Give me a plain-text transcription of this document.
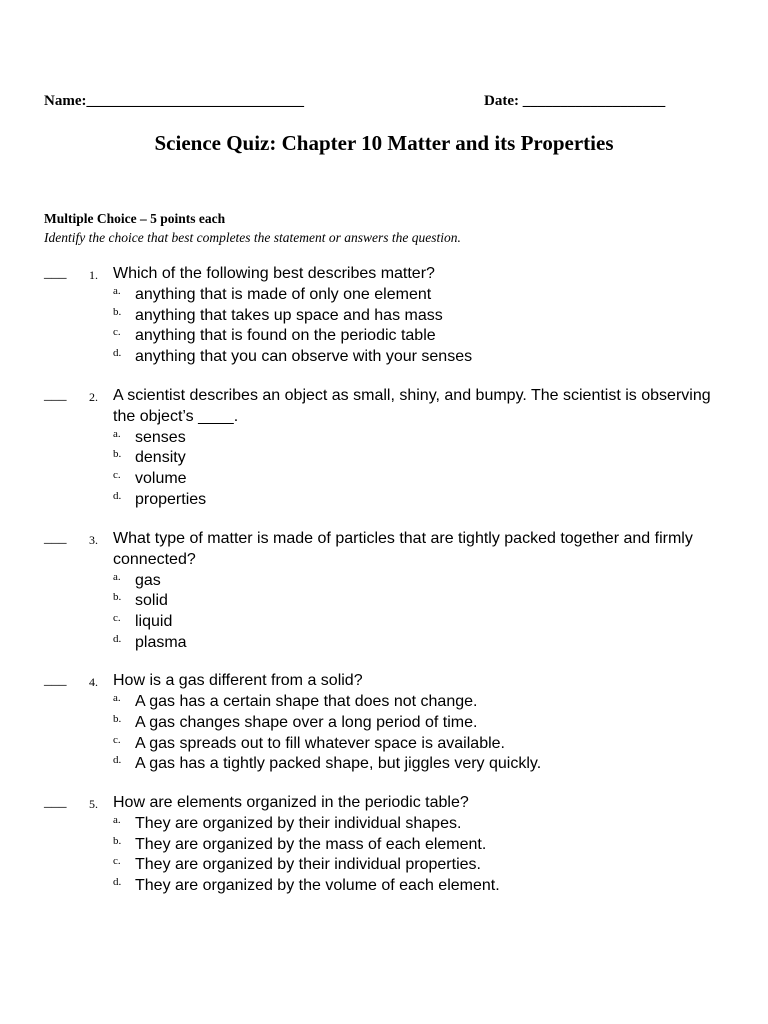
Name:_____________________________	Date: ___________________
Science Quiz: Chapter 10 Matter and its Properties
Multiple Choice – 5 points each
Identify the choice that best completes the statement or answers the question.
___ 1. Which of the following best describes matter?
a. anything that is made of only one element
b. anything that takes up space and has mass
c. anything that is found on the periodic table
d. anything that you can observe with your senses
___ 2. A scientist describes an object as small, shiny, and bumpy. The scientist is observing the object’s ____.
a. senses
b. density
c. volume
d. properties
___ 3. What type of matter is made of particles that are tightly packed together and firmly connected?
a. gas
b. solid
c. liquid
d. plasma
___ 4. How is a gas different from a solid?
a. A gas has a certain shape that does not change.
b. A gas changes shape over a long period of time.
c. A gas spreads out to fill whatever space is available.
d. A gas has a tightly packed shape, but jiggles very quickly.
___ 5. How are elements organized in the periodic table?
a. They are organized by their individual shapes.
b. They are organized by the mass of each element.
c. They are organized by their individual properties.
d. They are organized by the volume of each element.
